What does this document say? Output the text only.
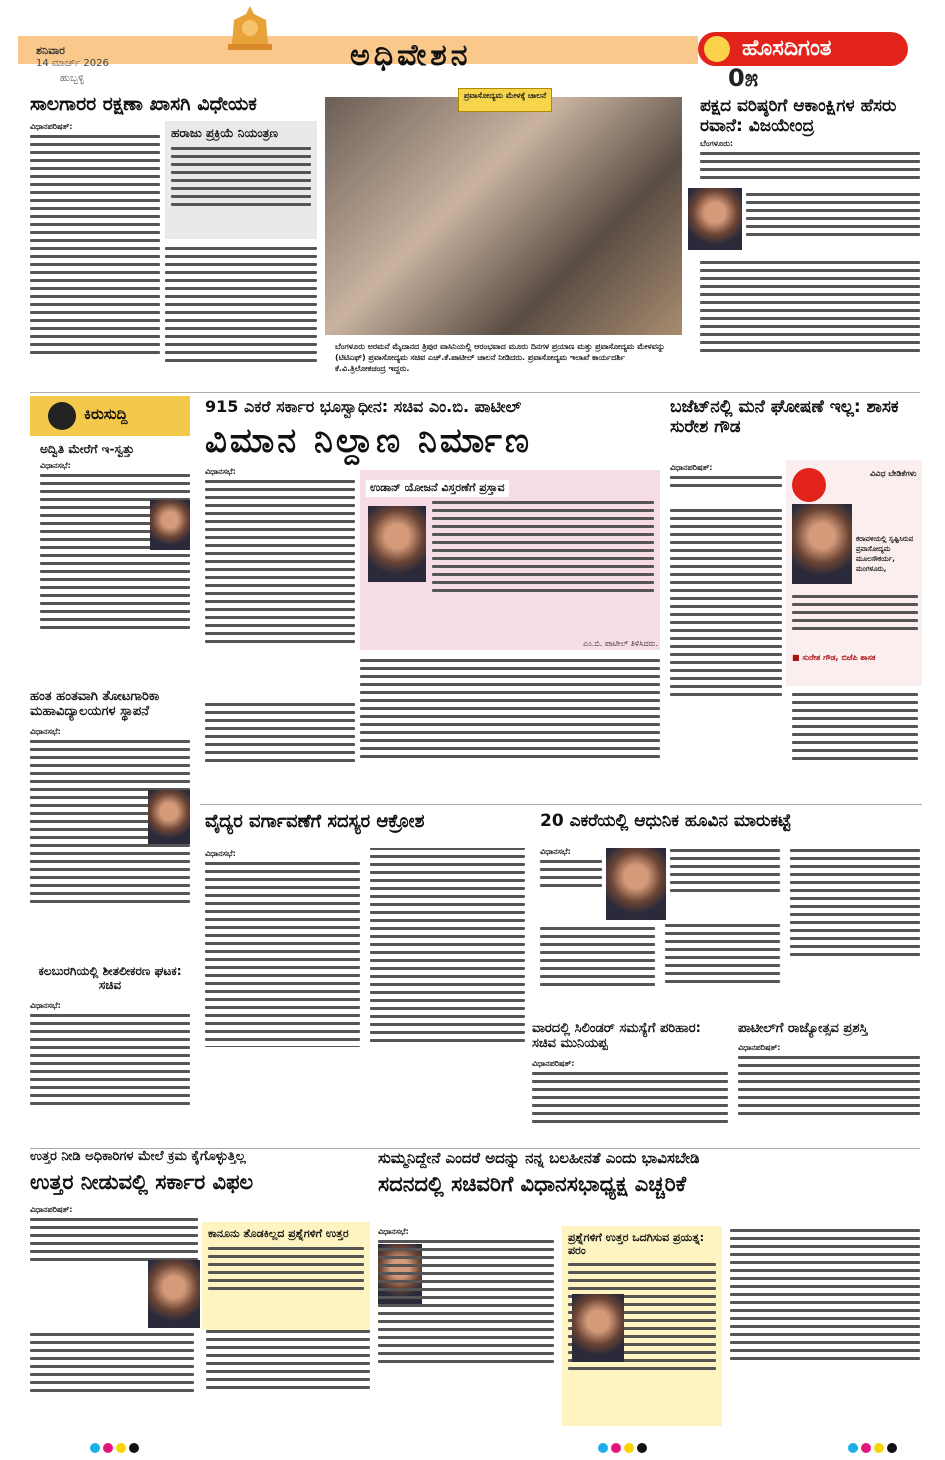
ಶನಿವಾರ
14 ಮಾರ್ಚ್ 2026
ಹುಬ್ಬಳ್ಳಿ
ಅಧಿವೇಶನ	ಹೊಸದಿಗಂತ
0೫
ಸಾಲಗಾರರ ರಕ್ಷಣಾ ಖಾಸಗಿ ವಿಧೇಯಕ
ವಿಧಾನಪರಿಷತ್:	ಹರಾಜು ಪ್ರಕ್ರಿಯೆ ನಿಯಂತ್ರಣ
ಪ್ರವಾಸೋದ್ಯಮ ಮೇಳಕ್ಕೆ ಚಾಲನೆ
ಬೆಂಗಳೂರು ಅರಮನೆ ಮೈದಾನದ ತ್ರಿಪುರ ವಾಸಿನಿಯಲ್ಲಿ ಆರಂಭವಾದ ಮೂರು ದಿನಗಳ ಪ್ರಯಾಣ ಮತ್ತು ಪ್ರವಾಸೋದ್ಯಮ ಮೇಳವನ್ನು (ಟಿಟಿಎಫ್) ಪ್ರವಾಸೋದ್ಯಮ ಸಚಿವ ಎಚ್.ಕೆ.ಪಾಟೀಲ್ ಚಾಲನೆ ನೀಡಿದರು. ಪ್ರವಾಸೋದ್ಯಮ ಇಲಾಖೆ ಕಾರ್ಯದರ್ಶಿ ಕೆ.ವಿ.ತ್ರಿಲೋಕಚಂದ್ರ ಇದ್ದರು.
ಪಕ್ಷದ ವರಿಷ್ಠರಿಗೆ ಆಕಾಂಕ್ಷಿಗಳ ಹೆಸರು ರವಾನೆ: ವಿಜಯೇಂದ್ರ
ಬೆಂಗಳೂರು:
ಕಿರುಸುದ್ದಿ
ಅದ್ವಿತಿ ಮೇರೆಗೆ ಇ-ಸ್ವತ್ತು
ವಿಧಾನಸಭೆ:
ಹಂತ ಹಂತವಾಗಿ ತೋಟಗಾರಿಕಾ ಮಹಾವಿದ್ಯಾಲಯಗಳ ಸ್ಥಾಪನೆ
ವಿಧಾನಸಭೆ:
ಕಲಬುರಗಿಯಲ್ಲಿ ಶೀತಲೀಕರಣ ಘಟಕ: ಸಚಿವ
ವಿಧಾನಸಭೆ:
915 ಎಕರೆ ಸರ್ಕಾರ ಭೂಸ್ವಾಧೀನ: ಸಚಿವ ಎಂ.ಬಿ. ಪಾಟೀಲ್
ವಿಮಾನ ನಿಲ್ದಾಣ ನಿರ್ಮಾಣ
ವಿಧಾನಸಭೆ:
ಉಡಾನ್ ಯೋಜನೆ ವಿಸ್ತರಣೆಗೆ ಪ್ರಸ್ತಾವ
ಎಂ.ಬಿ. ಪಾಟೀಲ್ ತಿಳಿಸಿದರು.
ಬಜೆಟ್‌ನಲ್ಲಿ ಮನೆ ಘೋಷಣೆ ಇಲ್ಲ: ಶಾಸಕ ಸುರೇಶ ಗೌಡ
ವಿಧಾನಪರಿಷತ್:
ವಿವಿಧ ಬೇಡಿಕೆಗಳು
ಕರಾವಳಿಯಲ್ಲಿ ಸೃಷ್ಟಿಸಿರುವ ಪ್ರವಾಸೋದ್ಯಮ ಮೂಲಸೌಕರ್ಯ, ಮಂಗಳೂರು,
■ ಸುರೇಶ ಗೌಡ, ಬಿಜೆಪಿ ಶಾಸಕ
ವೈದ್ಯರ ವರ್ಗಾವಣೆಗೆ ಸದಸ್ಯರ ಆಕ್ರೋಶ
ವಿಧಾನಸಭೆ:
20 ಎಕರೆಯಲ್ಲಿ ಆಧುನಿಕ ಹೂವಿನ ಮಾರುಕಟ್ಟೆ
ವಿಧಾನಸಭೆ:
ವಾರದಲ್ಲಿ ಸಿಲಿಂಡರ್ ಸಮಸ್ಯೆಗೆ ಪರಿಹಾರ: ಸಚಿವ ಮುನಿಯಪ್ಪ
ವಿಧಾನಪರಿಷತ್:
ಪಾಟೀಲ್‌ಗೆ ರಾಜ್ಯೋತ್ಸವ ಪ್ರಶಸ್ತಿ
ವಿಧಾನಪರಿಷತ್:
ಉತ್ತರ ನೀಡಿ ಅಧಿಕಾರಿಗಳ ಮೇಲೆ ಕ್ರಮ ಕೈಗೊಳ್ಳುತ್ತಿಲ್ಲ
ಉತ್ತರ ನೀಡುವಲ್ಲಿ ಸರ್ಕಾರ ವಿಫಲ
ವಿಧಾನಪರಿಷತ್:
ಕಾನೂನು ತೊಡಕಿಲ್ಲದ ಪ್ರಶ್ನೆಗಳಿಗೆ ಉತ್ತರ
ಸುಮ್ಮನಿದ್ದೇನೆ ಎಂದರೆ ಅದನ್ನು ನನ್ನ ಬಲಹೀನತೆ ಎಂದು ಭಾವಿಸಬೇಡಿ
ಸದನದಲ್ಲಿ ಸಚಿವರಿಗೆ ವಿಧಾನಸಭಾಧ್ಯಕ್ಷ ಎಚ್ಚರಿಕೆ
ವಿಧಾನಸಭೆ:	ಪ್ರಶ್ನೆಗಳಿಗೆ ಉತ್ತರ ಒದಗಿಸುವ ಪ್ರಯತ್ನ: ಪರಂ
